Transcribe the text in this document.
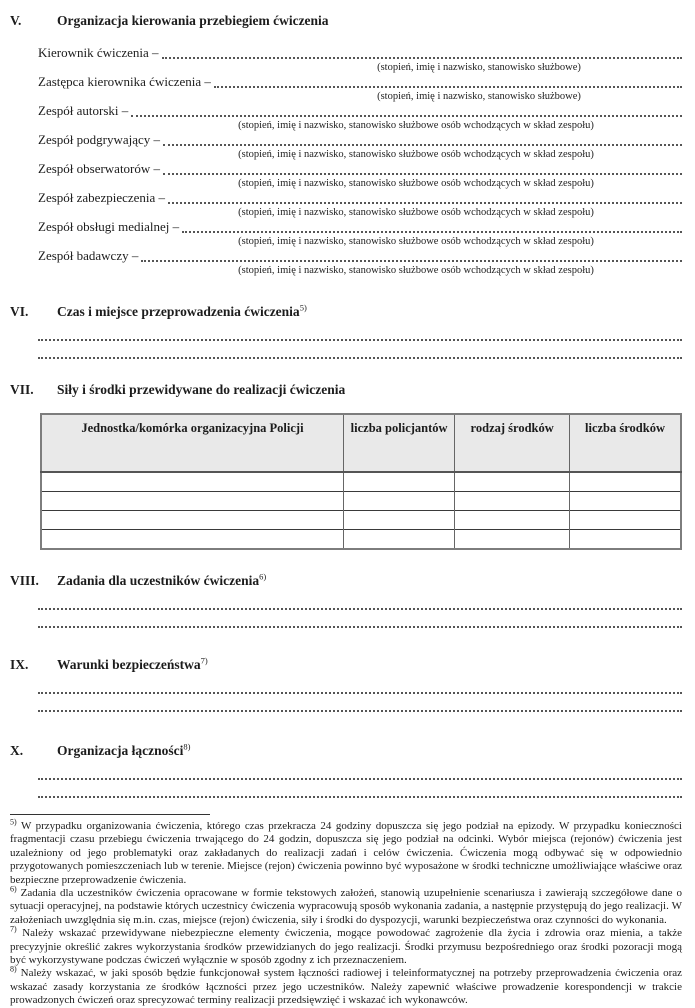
V.	Organizacja kierowania przebiegiem ćwiczenia
Kierownik ćwiczenia –
(stopień, imię i nazwisko, stanowisko służbowe)
Zastępca kierownika ćwiczenia –
(stopień, imię i nazwisko, stanowisko służbowe)
Zespół autorski –
(stopień, imię i nazwisko, stanowisko służbowe osób wchodzących w skład zespołu)
Zespół podgrywający –
(stopień, imię i nazwisko, stanowisko służbowe osób wchodzących w skład zespołu)
Zespół obserwatorów –
(stopień, imię i nazwisko, stanowisko służbowe osób wchodzących w skład zespołu)
Zespół zabezpieczenia –
(stopień, imię i nazwisko, stanowisko służbowe osób wchodzących w skład zespołu)
Zespół obsługi medialnej –
(stopień, imię i nazwisko, stanowisko służbowe osób wchodzących w skład zespołu)
Zespół badawczy –
(stopień, imię i nazwisko, stanowisko służbowe osób wchodzących w skład zespołu)
VI.	Czas i miejsce przeprowadzenia ćwiczenia$^{5)}$
VII.	Siły i środki przewidywane do realizacji ćwiczenia
Jednostka/komórka organizacyjna Policji	liczba policjantów	rodzaj środków	liczba środków

VIII.	Zadania dla uczestników ćwiczenia$^{6)}$
IX.	Warunki bezpieczeństwa$^{7)}$
X.	Organizacja łączności$^{8)}$

$^{5)}$ W przypadku organizowania ćwiczenia, którego czas przekracza 24 godziny dopuszcza się jego podział na epizody. W przypadku konieczności fragmentacji czasu przebiegu ćwiczenia trwającego do 24 godzin, dopuszcza się jego podział na odcinki. Wybór miejsca (rejonów) ćwiczenia jest uzależniony od jego problematyki oraz zakładanych do realizacji zadań i celów ćwiczenia. Ćwiczenia mogą odbywać się w odpowiednio przygotowanych pomieszczeniach lub w terenie. Miejsce (rejon) ćwiczenia powinno być wyposażone w środki techniczne umożliwiające właściwe oraz bezpieczne przeprowadzenie ćwiczenia.

$^{6)}$ Zadania dla uczestników ćwiczenia opracowane w formie tekstowych założeń, stanowią uzupełnienie scenariusza i zawierają szczegółowe dane o sytuacji operacyjnej, na podstawie których uczestnicy ćwiczenia wypracowują sposób wykonania zadania, a następnie przystępują do jego realizacji. W założeniach uwzględnia się m.in. czas, miejsce (rejon) ćwiczenia, siły i środki do dyspozycji, warunki bezpieczeństwa oraz czynności do wykonania.

$^{7)}$ Należy wskazać przewidywane niebezpieczne elementy ćwiczenia, mogące powodować zagrożenie dla życia i zdrowia oraz mienia, a także precyzyjnie określić zakres wykorzystania środków przewidzianych do jego realizacji. Środki przymusu bezpośredniego oraz środki pozoracji mogą być wykorzystywane podczas ćwiczeń wyłącznie w sposób zgodny z ich przeznaczeniem.

$^{8)}$ Należy wskazać, w jaki sposób będzie funkcjonował system łączności radiowej i teleinformatycznej na potrzeby przeprowadzenia ćwiczenia oraz wskazać zasady korzystania ze środków łączności przez jego uczestników. Należy zapewnić właściwe prowadzenie korespondencji w trakcie prowadzonych ćwiczeń oraz sprecyzować terminy realizacji przedsięwzięć i wskazać ich wykonawców.
